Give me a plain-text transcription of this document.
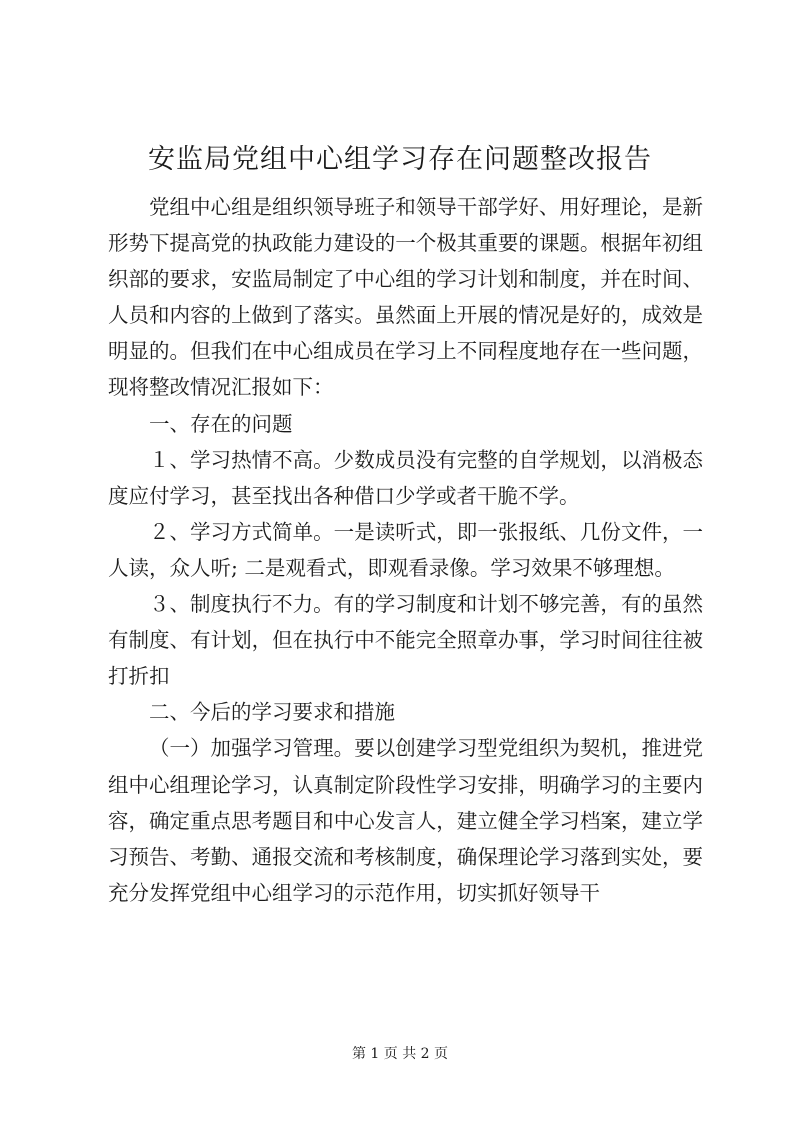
安监局党组中心组学习存在问题整改报告

党组中心组是组织领导班子和领导干部学好、用好理论，是新形势下提高党的执政能力建设的一个极其重要的课题。根据年初组织部的要求，安监局制定了中心组的学习计划和制度，并在时间、人员和内容的上做到了落实。虽然面上开展的情况是好的，成效是明显的。但我们在中心组成员在学习上不同程度地存在一些问题，现将整改情况汇报如下：

一、存在的问题

１、学习热情不高。少数成员没有完整的自学规划，以消极态度应付学习，甚至找出各种借口少学或者干脆不学。

２、学习方式简单。一是读听式，即一张报纸、几份文件，一人读，众人听; 二是观看式，即观看录像。学习效果不够理想。

３、制度执行不力。有的学习制度和计划不够完善，有的虽然有制度、有计划，但在执行中不能完全照章办事，学习时间往往被打折扣

二、今后的学习要求和措施

（一）加强学习管理。要以创建学习型党组织为契机，推进党组中心组理论学习，认真制定阶段性学习安排，明确学习的主要内容，确定重点思考题目和中心发言人，建立健全学习档案，建立学习预告、考勤、通报交流和考核制度，确保理论学习落到实处，要充分发挥党组中心组学习的示范作用，切实抓好领导干

第 1 页 共 2 页
